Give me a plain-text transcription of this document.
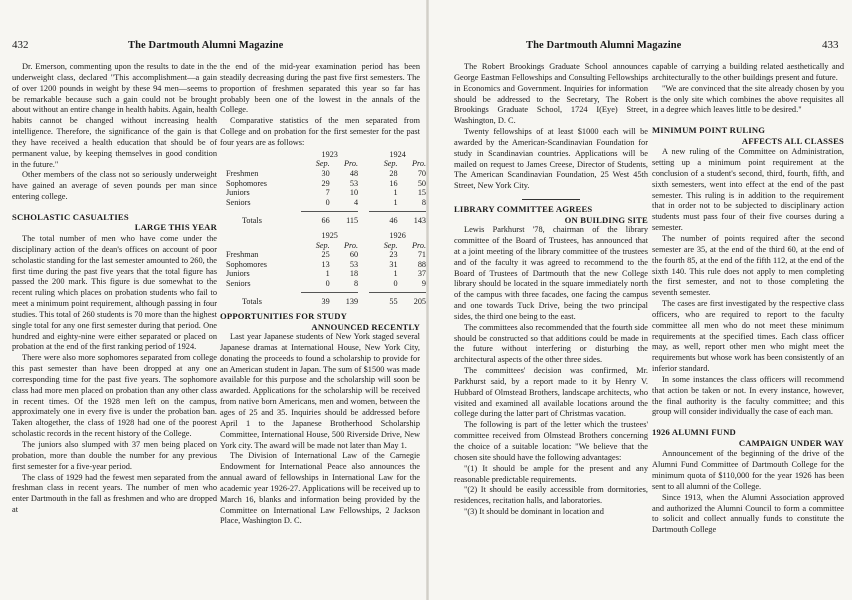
432	The Dartmouth Alumni Magazine

Dr. Emerson, commenting upon the results to date in the underweight class, declared "This accomplishment—a gain of over 1200 pounds in weight by these 94 men—seems to be remarkable because such a gain could not be brought about without an entire change in health habits. Again, health habits cannot be changed without increasing health intelligence. Therefore, the significance of the gain is that they have received a health education that should be of permanent value, by keeping themselves in good condition in the future."

Other members of the class not so seriously underweight have gained an average of seven pounds per man since entering college.

SCHOLASTIC CASUALTIES
LARGE THIS YEAR

The total number of men who have come under the disciplinary action of the dean's offices on account of poor scholastic standing for the last semester amounted to 260, the first time during the past five years that the total figure has passed the 200 mark. This figure is due somewhat to the recent ruling which places on probation students who fail to meet a minimum point requirement, although passing in four studies. This total of 260 students is 70 more than the highest single total for any one first semester during that period. One hundred and eighty-nine were either separated or placed on probation at the end of the first ranking period of 1924.

There were also more sophomores separated from college this past semester than have been dropped at any one corresponding time for the past five years. The sophomore class had more men placed on probation than any other class in recent times. Of the 1928 men left on the campus, approximately one in every five is under the probation ban. Taken altogether, the class of 1928 had one of the poorest scholastic records in the recent history of the College.

The juniors also slumped with 37 men being placed on probation, more than double the number for any previous first semester for a five-year period.

The class of 1929 had the fewest men separated from the freshman class in recent years. The number of men who enter Dartmouth in the fall as freshmen and who are dropped at

the end of the mid-year examination period has been steadily decreasing during the past five first semesters. The proportion of freshmen separated this year so far has probably been one of the lowest in the annals of the College.

Comparative statistics of the men separated from College and on probation for the first semester for the past four years are as follows:

	1923			1924	
	Sep.	Pro.		Sep.	Pro.
Freshmen	30	48		28	70
Sophomores	29	53		16	50
Juniors	7	10		1	15
Seniors	0	4		1	8

Totals	66	115		46	143
	1925			1926	
	Sep.	Pro.		Sep.	Pro.
Freshman	25	60		23	71
Sophomores	13	53		31	88
Juniors	1	18		1	37
Seniors	0	8		0	9

Totals	39	139		55	205
OPPORTUNITIES FOR STUDY
ANNOUNCED RECENTLY

Last year Japanese students of New York staged several Japanese dramas at International House, New York City, donating the proceeds to found a scholarship to provide for an American student in Japan. The sum of $1500 was made available for this purpose and the scholarship will soon be awarded. Applications for the scholarship will be received from native born Americans, men and women, between the ages of 25 and 35. Inquiries should be addressed before April 1 to the Japanese Brotherhood Scholarship Committee, International House, 500 Riverside Drive, New York city. The award will be made not later than May 1.

The Division of International Law of the Carnegie Endowment for International Peace also announces the annual award of fellowships in International Law for the academic year 1926-27. Applications will be received up to March 16, blanks and information being provided by the Committee on International Law Fellowships, 2 Jackson Place, Washington D. C.

The Dartmouth Alumni Magazine	433

The Robert Brookings Graduate School announces George Eastman Fellowships and Consulting Fellowships in Economics and Government. Inquiries for information should be addressed to the Secretary, The Robert Brookings Graduate School, 1724 I(Eye) Street, Washington, D. C.

Twenty fellowships of at least $1000 each will be awarded by the American-Scandinavian Foundation for study in Scandinavian countries. Applications will be mailed on request to James Creese, Director of Students, The American Scandinavian Foundation, 25 West 45th Street, New York City.

LIBRARY COMMITTEE AGREES
ON BUILDING SITE

Lewis Parkhurst '78, chairman of the library committee of the Board of Trustees, has announced that at a joint meeting of the library committee of the trustees and of the faculty it was agreed to recommend to the Board of Trustees of Dartmouth that the new College library should be located in the square immediately north of the campus with three facades, one facing the campus and one towards Tuck Drive, being the two principal sides, the third one being to the east.

The committees also recommended that the fourth side should be constructed so that additions could be made in the future without interfering or disturbing the architectural aspects of the other three sides.

The committees' decision was confirmed, Mr. Parkhurst said, by a report made to it by Henry V. Hubbard of Olmstead Brothers, landscape architects, who visited and examined all available locations around the college during the latter part of Christmas vacation.

The following is part of the letter which the trustees' committee received from Olmstead Brothers concerning the choice of a suitable location: "We believe that the chosen site should have the following advantages:

"(1) It should be ample for the present and any reasonable predictable requirements.

"(2) It should be easily accessible from dormitories, residences, recitation halls, and laboratories.

"(3) It should be dominant in location and

capable of carrying a building related aesthetically and architecturally to the other buildings present and future.

"We are convinced that the site already chosen by you is the only site which combines the above requisites all in a degree which leaves little to be desired."

MINIMUM POINT RULING
AFFECTS ALL CLASSES

A new ruling of the Committee on Administration, setting up a minimum point requirement at the conclusion of a student's second, third, fourth, fifth, and sixth semesters, went into effect at the end of the past semester. This ruling is in addition to the requirement that in order not to be subjected to disciplinary action students must pass four of their five courses during a semester.

The number of points required after the second semester are 35, at the end of the third 60, at the end of the fourth 85, at the end of the fifth 112, at the end of the sixth 140. This rule does not apply to men completing the first semester, and not to those completing the seventh semester.

The cases are first investigated by the respective class officers, who are required to report to the faculty committee all men who do not meet these minimum requirements at the specified times. Each class officer may, as well, report other men who might meet the requirements but whose work has been consistently of an inferior standard.

In some instances the class officers will recommend that action be taken or not. In every instance, however, the final authority is the faculty committee; and this group will consider individually the case of each man.

1926 ALUMNI FUND
CAMPAIGN UNDER WAY

Announcement of the beginning of the drive of the Alumni Fund Committee of Dartmouth College for the minimum quota of $110,000 for the year 1926 has been sent to all alumni of the College.

Since 1913, when the Alumni Association approved and authorized the Alumni Council to form a committee to solicit and collect annually funds to constitute the Dartmouth College
